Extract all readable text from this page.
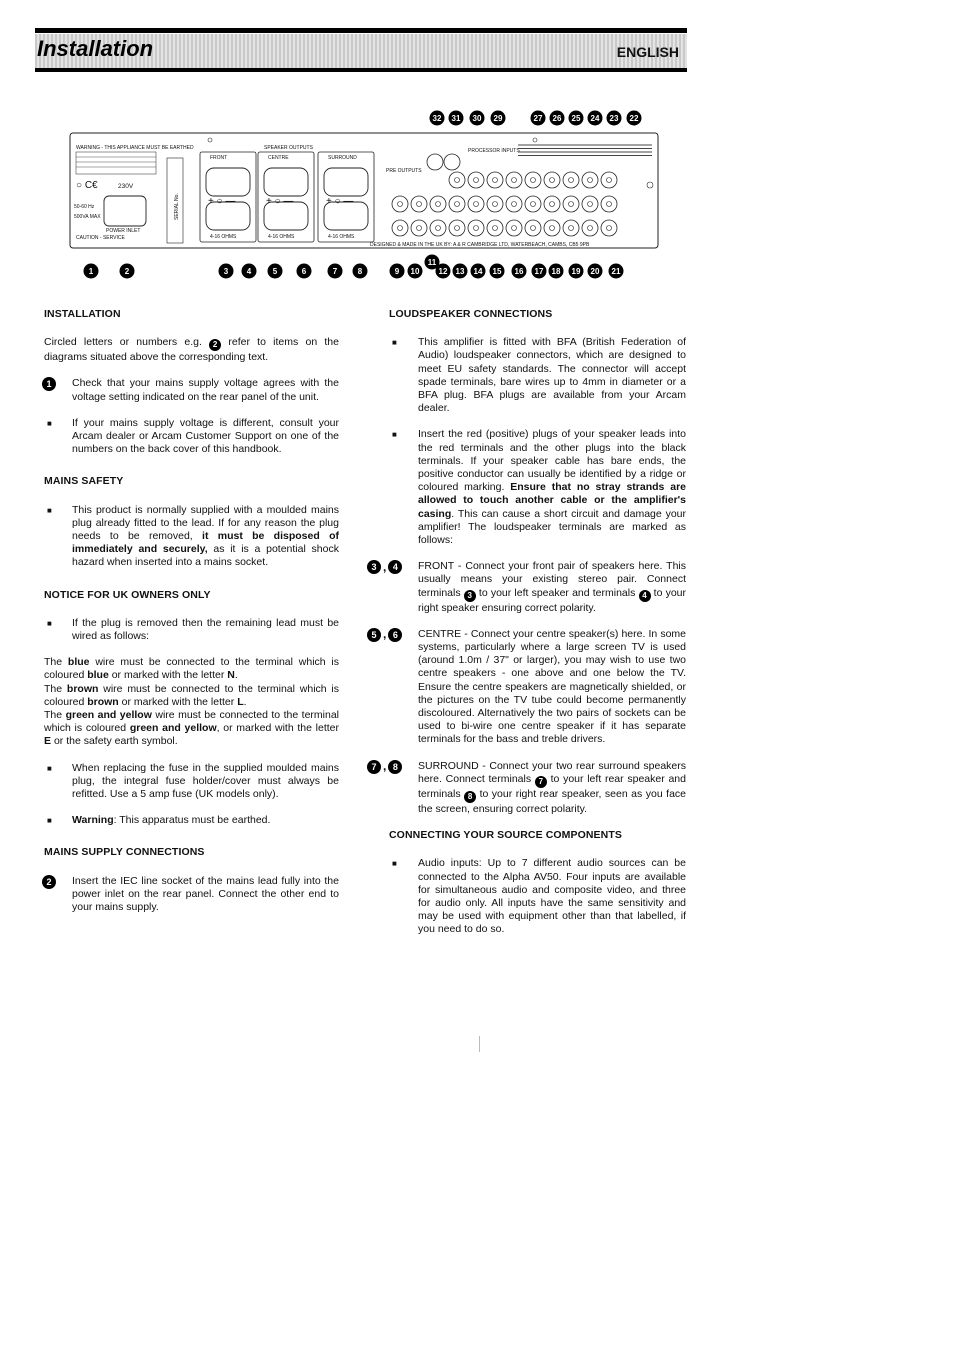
Installation	ENGLISH
WARNING - THIS APPLIANCE MUST BE EARTHED
○ C€	230V
50-60 Hz
500VA MAX
POWER INLET
CAUTION - SERVICE
SERIAL No.
SPEAKER OUTPUTS
FRONT
+ ○ —
4-16 OHMS
CENTRE
+ ○ —
4-16 OHMS
SURROUND
+ ○ —
4-16 OHMS
PRE OUTPUTS
PROCESSOR INPUTS
DESIGNED & MADE IN THE UK BY: A & R CAMBRIDGE LTD, WATERBEACH, CAMBS, CB5 9PB
32 31 30 29	27 26 25 24 23 22
1	2	3 4	5	6	7	8	9 10
11
12 13 14 15 16 17 18 19 20 21
INSTALLATION

Circled letters or numbers e.g. 2 refer to items on the diagrams situated above the corresponding text.

1	Check that your mains supply voltage agrees with the voltage setting indicated on the rear panel of the unit.
■ If your mains supply voltage is different, consult your Arcam dealer or Arcam Customer Support on one of the numbers on the back cover of this handbook.
MAINS SAFETY
■ This product is normally supplied with a moulded mains plug already fitted to the lead. If for any reason the plug needs to be removed, it must be disposed of immediately and securely, as it is a potential shock hazard when inserted into a mains socket.
NOTICE FOR UK OWNERS ONLY
■ If the plug is removed then the remaining lead must be wired as follows:

The blue wire must be connected to the terminal which is coloured blue or marked with the letter N.
The brown wire must be connected to the terminal which is coloured brown or marked with the letter L.
The green and yellow wire must be connected to the terminal which is coloured green and yellow, or marked with the letter E or the safety earth symbol.

■ When replacing the fuse in the supplied moulded mains plug, the integral fuse holder/cover must always be refitted. Use a 5 amp fuse (UK models only).
■ Warning: This apparatus must be earthed.
MAINS SUPPLY CONNECTIONS
2	Insert the IEC line socket of the mains lead fully into the power inlet on the rear panel. Connect the other end to your mains supply.
LOUDSPEAKER CONNECTIONS
■ This amplifier is fitted with BFA (British Federation of Audio) loudspeaker connectors, which are designed to meet EU safety standards. The connector will accept spade terminals, bare wires up to 4mm in diameter or a BFA plug. BFA plugs are available from your Arcam dealer.
■ Insert the red (positive) plugs of your speaker leads into the red terminals and the other plugs into the black terminals. If your speaker cable has bare ends, the positive conductor can usually be identified by a ridge or coloured marking. Ensure that no stray strands are allowed to touch another cable or the amplifier's casing. This can cause a short circuit and damage your amplifier! The loudspeaker terminals are marked as follows:
3 , 4	FRONT - Connect your front pair of speakers here. This usually means your existing stereo pair. Connect terminals 3 to your left speaker and terminals 4 to your right speaker ensuring correct polarity.
5 , 6	CENTRE - Connect your centre speaker(s) here. In some systems, particularly where a large screen TV is used (around 1.0m / 37" or larger), you may wish to use two centre speakers - one above and one below the TV. Ensure the centre speakers are magnetically shielded, or the pictures on the TV tube could become permanently discoloured. Alternatively the two pairs of sockets can be used to bi-wire one centre speaker if it has separate terminals for the bass and treble drivers.
7 , 8	SURROUND - Connect your two rear surround speakers here. Connect terminals 7 to your left rear speaker and terminals 8 to your right rear speaker, seen as you face the screen, ensuring correct polarity.
CONNECTING YOUR SOURCE COMPONENTS
■ Audio inputs: Up to 7 different audio sources can be connected to the Alpha AV50. Four inputs are available for simultaneous audio and composite video, and three for audio only. All inputs have the same sensitivity and may be used with equipment other than that labelled, if you need to do so.
